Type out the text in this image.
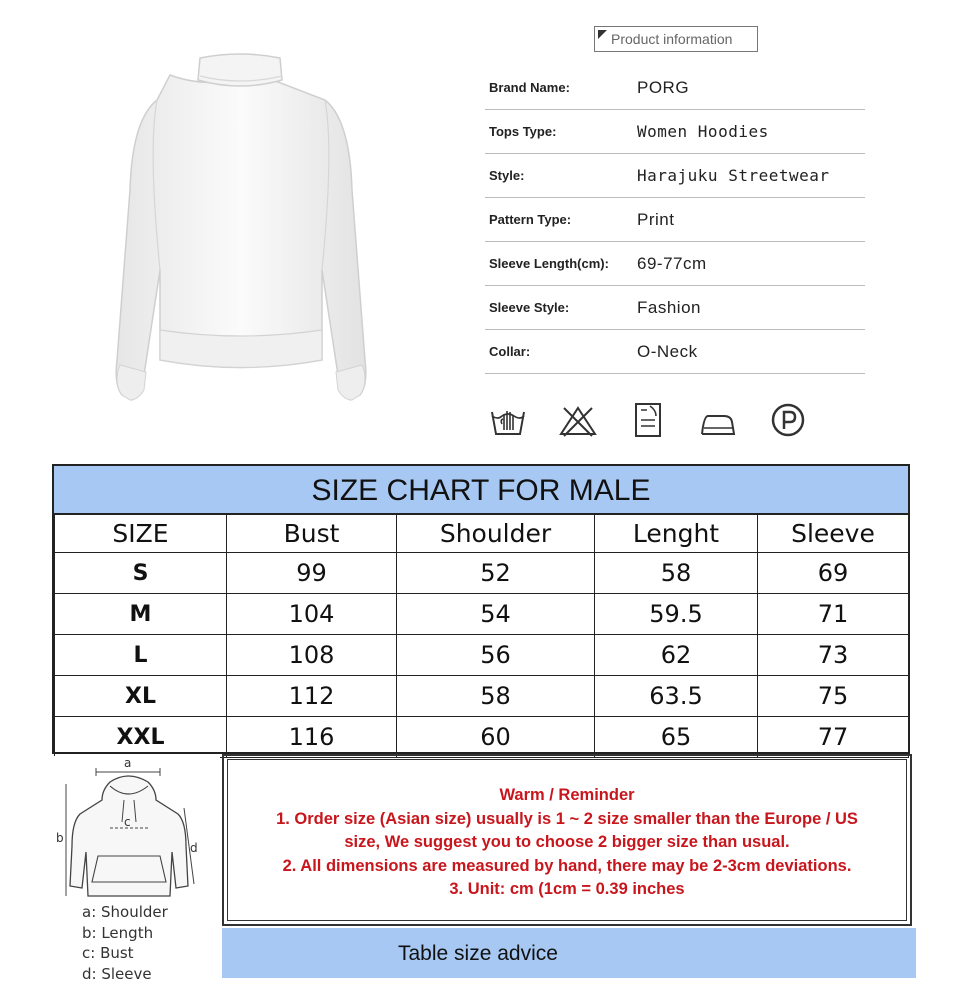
Product information
Brand Name:	PORG
Tops Type:	Women Hoodies
Style:	Harajuku Streetwear
Pattern Type:	Print
Sleeve Length(cm):	69-77cm
Sleeve Style:	Fashion
Collar:	O-Neck
SIZE CHART FOR MALE
SIZE	Bust	Shoulder	Lenght	Sleeve
S	99	52	58	69
M	104	54	59.5	71
L	108	56	62	73
XL	112	58	63.5	75
XXL	116	60	65	77
a
b
c
d
a: Shoulder
b: Length
c: Bust
d: Sleeve
Warm / Reminder
1. Order size (Asian size) usually is 1 ~ 2 size smaller than the Europe / US
size, We suggest you to choose 2 bigger size than usual.
2. All dimensions are measured by hand, there may be 2-3cm deviations.
3. Unit: cm (1cm = 0.39 inches
Table size advice
